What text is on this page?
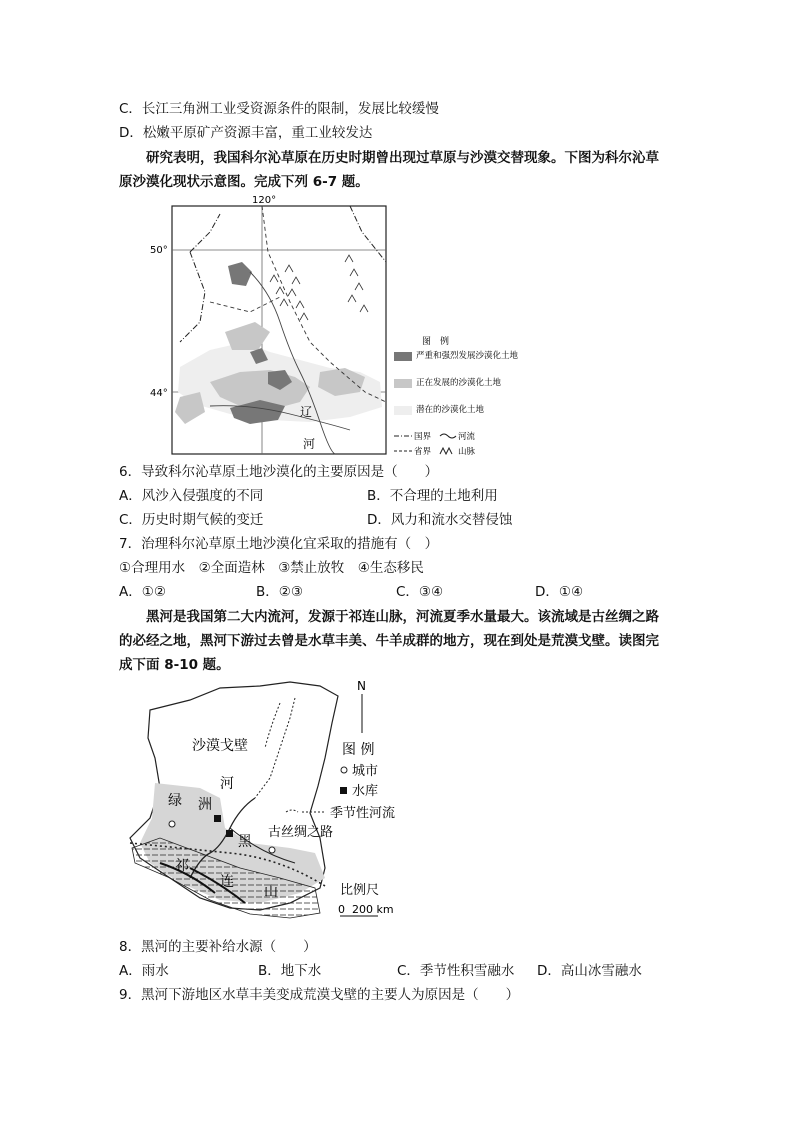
C．长江三角洲工业受资源条件的限制，发展比较缓慢
D．松嫩平原矿产资源丰富，重工业较发达
研究表明，我国科尔沁草原在历史时期曾出现过草原与沙漠交替现象。下图为科尔沁草原沙漠化现状示意图。完成下列 6-7 题。
120°
50°
44°
辽
河
图　例
严重和强烈发展沙漠化土地
正在发展的沙漠化土地
潜在的沙漠化土地
国界	河流
省界	山脉
6．导致科尔沁草原土地沙漠化的主要原因是（　　）
A．风沙入侵强度的不同	B．不合理的土地利用
C．历史时期气候的变迁	D．风力和流水交替侵蚀
7．治理科尔沁草原土地沙漠化宜采取的措施有（　）
①合理用水　②全面造林　③禁止放牧　④生态移民
A．①②	B．②③	C．③④	D．①④
黑河是我国第二大内流河，发源于祁连山脉，河流夏季水量最大。该流域是古丝绸之路的必经之地，黑河下游过去曾是水草丰美、牛羊成群的地方，现在到处是荒漠戈壁。读图完成下面 8-10 题。
沙漠戈壁
河
绿 洲
黑
古丝绸之路
祁
连
山
N
图 例
城市
水库
季节性河流
比例尺
0 200 km
8．黑河的主要补给水源（　　）
A．雨水	B．地下水	C．季节性积雪融水 D．高山冰雪融水
9．黑河下游地区水草丰美变成荒漠戈壁的主要人为原因是（　　）
